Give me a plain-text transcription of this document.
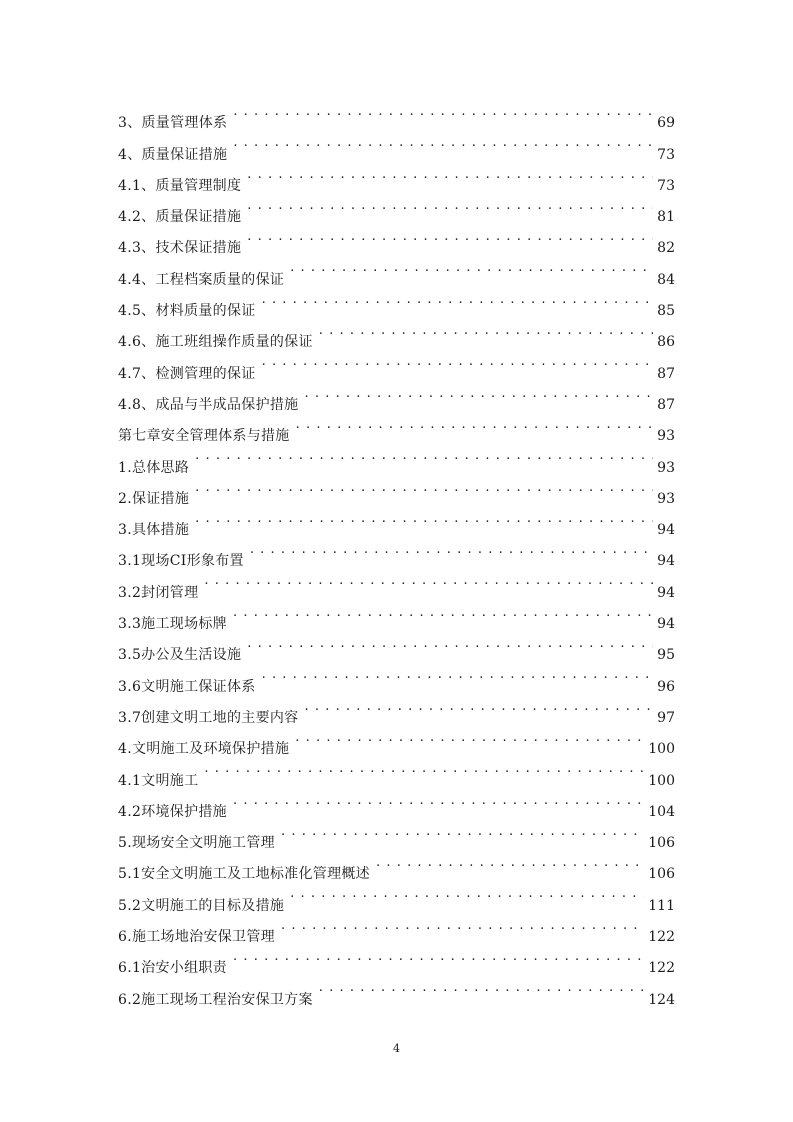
3、质量管理体系 . . .	69
4、质量保证措施 . . .	73
4.1、质量管理制度 . . .	73
4.2、质量保证措施 . . .	81
4.3、技术保证措施 . . .	82
4.4、工程档案质量的保证 . . .	84
4.5、材料质量的保证 . . .	85
4.6、施工班组操作质量的保证 . . .	86
4.7、检测管理的保证 . . .	87
4.8、成品与半成品保护措施 . . .	87
第七章安全管理体系与措施 . . .	93
1.总体思路 . . .	93
2.保证措施 . . .	93
3.具体措施 . . .	94
3.1现场CI形象布置 . . .	94
3.2封闭管理 . . .	94
3.3施工现场标牌 . . .	94
3.5办公及生活设施 . . .	95
3.6文明施工保证体系 . . .	96
3.7创建文明工地的主要内容 . . .	97
4.文明施工及环境保护措施 . . .	100
4.1文明施工 . . .	100
4.2环境保护措施 . . .	104
5.现场安全文明施工管理 . . .	106
5.1安全文明施工及工地标准化管理概述 . . .	106
5.2文明施工的目标及措施 . . .	111
6.施工场地治安保卫管理 . . .	122
6.1治安小组职责 . . .	122
6.2施工现场工程治安保卫方案 . . .	124
4
